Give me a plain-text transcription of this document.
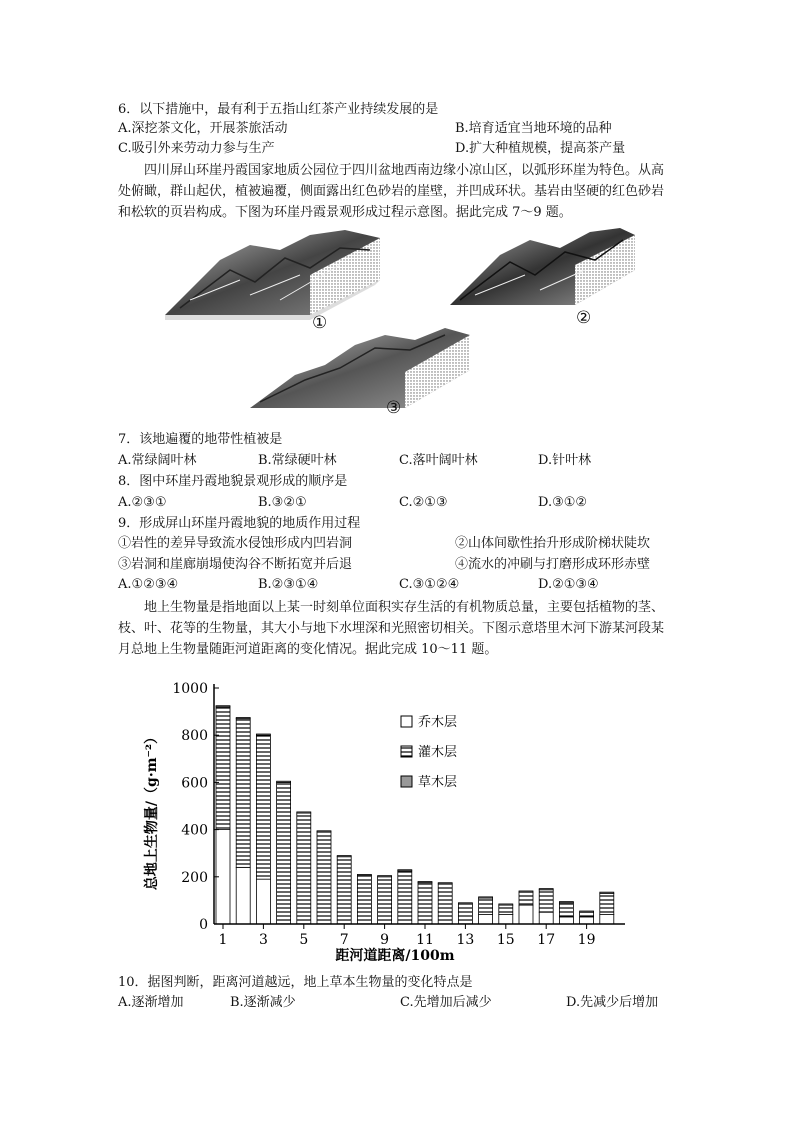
6．以下措施中，最有利于五指山红茶产业持续发展的是
A.深挖茶文化，开展茶旅活动	B.培育适宜当地环境的品种
C.吸引外来劳动力参与生产	D.扩大种植规模，提高茶产量
四川屏山环崖丹霞国家地质公园位于四川盆地西南边缘小凉山区，以弧形环崖为特色。从高处俯瞰，群山起伏，植被遍覆，侧面露出红色砂岩的崖壁，并凹成环状。基岩由坚硬的红色砂岩和松软的页岩构成。下图为环崖丹霞景观形成过程示意图。据此完成 7～9 题。
①	②
③
7．该地遍覆的地带性植被是
A.常绿阔叶林	B.常绿硬叶林	C.落叶阔叶林	D.针叶林
8．图中环崖丹霞地貌景观形成的顺序是
A.②③①	B.③②①	C.②①③	D.③①②
9．形成屏山环崖丹霞地貌的地质作用过程
①岩性的差异导致流水侵蚀形成内凹岩洞	②山体间歇性抬升形成阶梯状陡坎
③岩洞和崖廊崩塌使沟谷不断拓宽并后退	④流水的冲刷与打磨形成环形赤壁
A.①②③④	B.②③①④	C.③①②④	D.②①③④
地上生物量是指地面以上某一时刻单位面积实存生活的有机物质总量，主要包括植物的茎、枝、叶、花等的生物量，其大小与地下水埋深和光照密切相关。下图示意塔里木河下游某河段某月总地上生物量随距河道距离的变化情况。据此完成 10～11 题。
0
200
400
600
800
1000
1 3 5 7 9 11 13 15 17 19
总地上生物量/（g·m⁻²）
距河道距离/100m
乔木层
灌木层
草木层
10．据图判断，距离河道越远，地上草本生物量的变化特点是
A.逐渐增加	B.逐渐减少	C.先增加后减少	D.先减少后增加
